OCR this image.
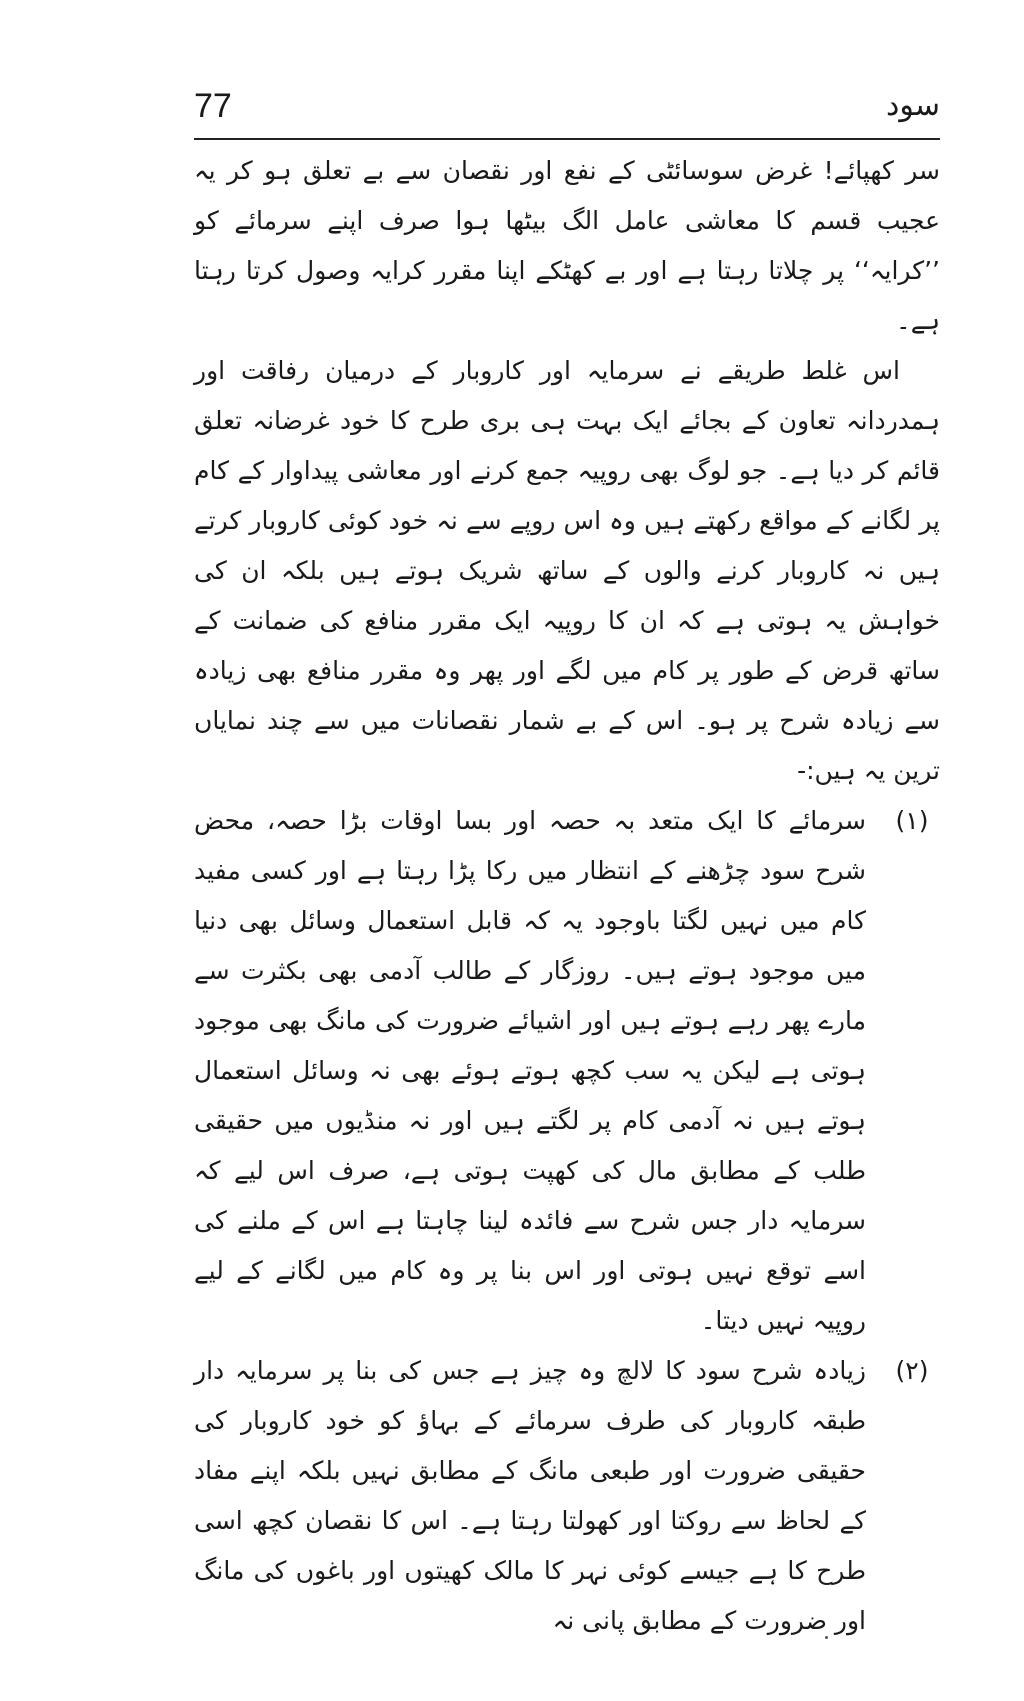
77	سود

سر کھپائے! غرض سوسائٹی کے نفع اور نقصان سے بے تعلق ہو کر یہ عجیب قسم کا معاشی عامل الگ بیٹھا ہوا صرف اپنے سرمائے کو ’’کرایہ‘‘ پر چلاتا رہتا ہے اور بے کھٹکے اپنا مقرر کرایہ وصول کرتا رہتا ہے۔

اس غلط طریقے نے سرمایہ اور کاروبار کے درمیان رفاقت اور ہمدردانہ تعاون کے بجائے ایک بہت ہی بری طرح کا خود غرضانہ تعلق قائم کر دیا ہے۔ جو لوگ بھی روپیہ جمع کرنے اور معاشی پیداوار کے کام پر لگانے کے مواقع رکھتے ہیں وہ اس روپے سے نہ خود کوئی کاروبار کرتے ہیں نہ کاروبار کرنے والوں کے ساتھ شریک ہوتے ہیں بلکہ ان کی خواہش یہ ہوتی ہے کہ ان کا روپیہ ایک مقرر منافع کی ضمانت کے ساتھ قرض کے طور پر کام میں لگے اور پھر وہ مقرر منافع بھی زیادہ سے زیادہ شرح پر ہو۔ اس کے بے شمار نقصانات میں سے چند نمایاں ترین یہ ہیں:-

(۱)

سرمائے کا ایک متعد بہ حصہ اور بسا اوقات بڑا حصہ، محض شرح سود چڑھنے کے انتظار میں رکا پڑا رہتا ہے اور کسی مفید کام میں نہیں لگتا باوجود یہ کہ قابل استعمال وسائل بھی دنیا میں موجود ہوتے ہیں۔ روزگار کے طالب آدمی بھی بکثرت سے مارے پھر رہے ہوتے ہیں اور اشیائے ضرورت کی مانگ بھی موجود ہوتی ہے لیکن یہ سب کچھ ہوتے ہوئے بھی نہ وسائل استعمال ہوتے ہیں نہ آدمی کام پر لگتے ہیں اور نہ منڈیوں میں حقیقی طلب کے مطابق مال کی کھپت ہوتی ہے، صرف اس لیے کہ سرمایہ دار جس شرح سے فائدہ لینا چاہتا ہے اس کے ملنے کی اسے توقع نہیں ہوتی اور اس بنا پر وہ کام میں لگانے کے لیے روپیہ نہیں دیتا۔

(۲)

زیادہ شرح سود کا لالچ وہ چیز ہے جس کی بنا پر سرمایہ دار طبقہ کاروبار کی طرف سرمائے کے بہاؤ کو خود کاروبار کی حقیقی ضرورت اور طبعی مانگ کے مطابق نہیں بلکہ اپنے مفاد کے لحاظ سے روکتا اور کھولتا رہتا ہے۔ اس کا نقصان کچھ اسی طرح کا ہے جیسے کوئی نہر کا مالک کھیتوں اور باغوں کی مانگ اور ضرورت کے مطابق پانی نہ
